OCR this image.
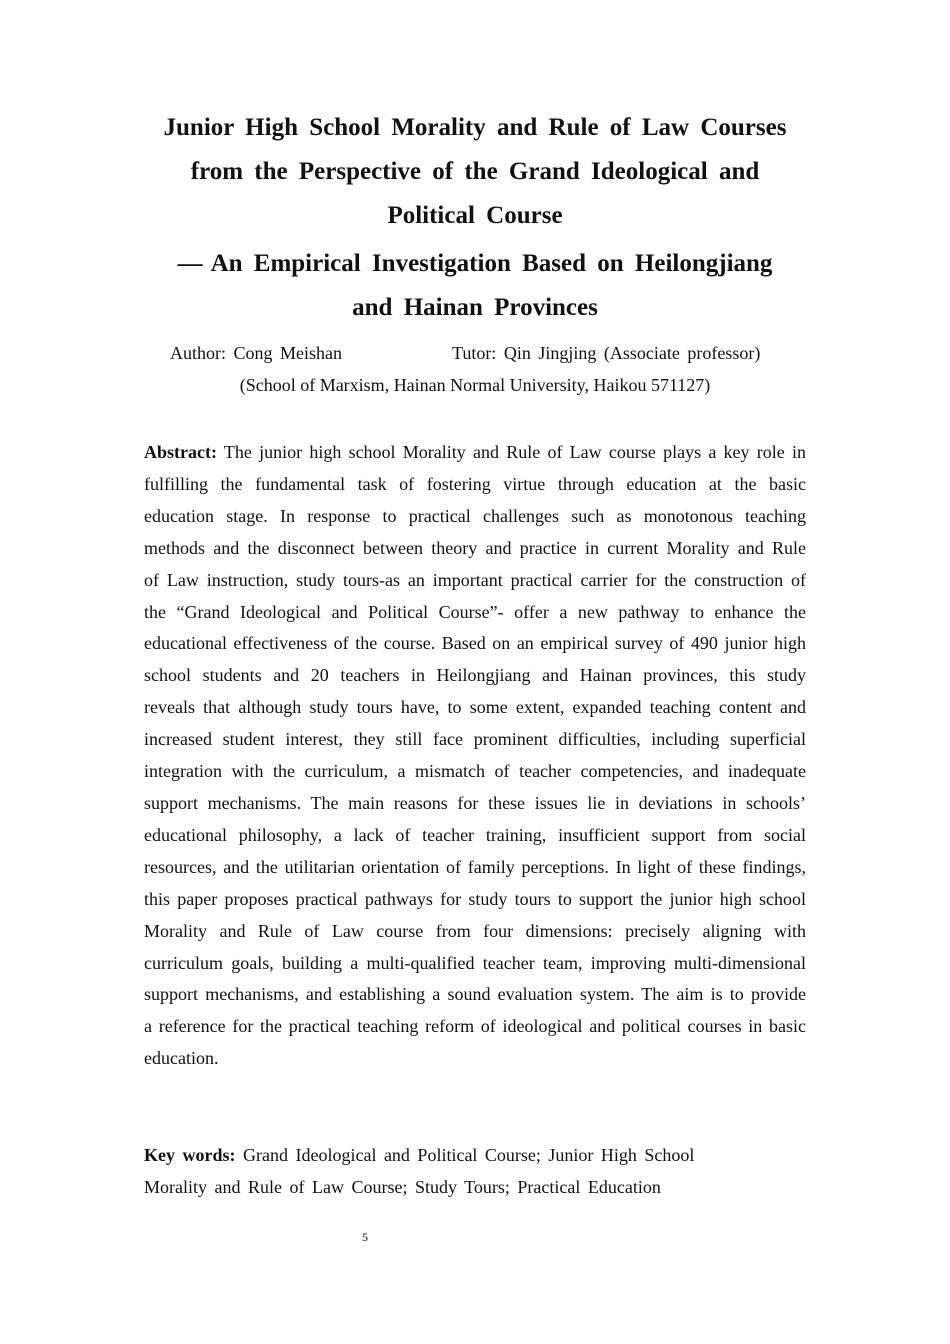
Junior High School Morality and Rule of Law Courses
from the Perspective of the Grand Ideological and
Political Course
— An Empirical Investigation Based on Heilongjiang
and Hainan Provinces
Author: Cong Meishan	Tutor: Qin Jingjing (Associate professor)
(School of Marxism, Hainan Normal University, Haikou 571127)
Abstract: The junior high school Morality and Rule of Law course plays a key role in fulfilling the fundamental task of fostering virtue through education at the basic education stage. In response to practical challenges such as monotonous teaching methods and the disconnect between theory and practice in current Morality and Rule of Law instruction, study tours-as an important practical carrier for the construction of the “Grand Ideological and Political Course”- offer a new pathway to enhance the educational effectiveness of the course. Based on an empirical survey of 490 junior high school students and 20 teachers in Heilongjiang and Hainan provinces, this study reveals that although study tours have, to some extent, expanded teaching content and increased student interest, they still face prominent difficulties, including superficial integration with the curriculum, a mismatch of teacher competencies, and inadequate support mechanisms. The main reasons for these issues lie in deviations in schools’ educational philosophy, a lack of teacher training, insufficient support from social resources, and the utilitarian orientation of family perceptions. In light of these findings, this paper proposes practical pathways for study tours to support the junior high school Morality and Rule of Law course from four dimensions: precisely aligning with curriculum goals, building a multi-qualified teacher team, improving multi-dimensional support mechanisms, and establishing a sound evaluation system. The aim is to provide a reference for the practical teaching reform of ideological and political courses in basic education.
Key words: Grand Ideological and Political Course; Junior High School
Morality and Rule of Law Course; Study Tours; Practical Education
5
